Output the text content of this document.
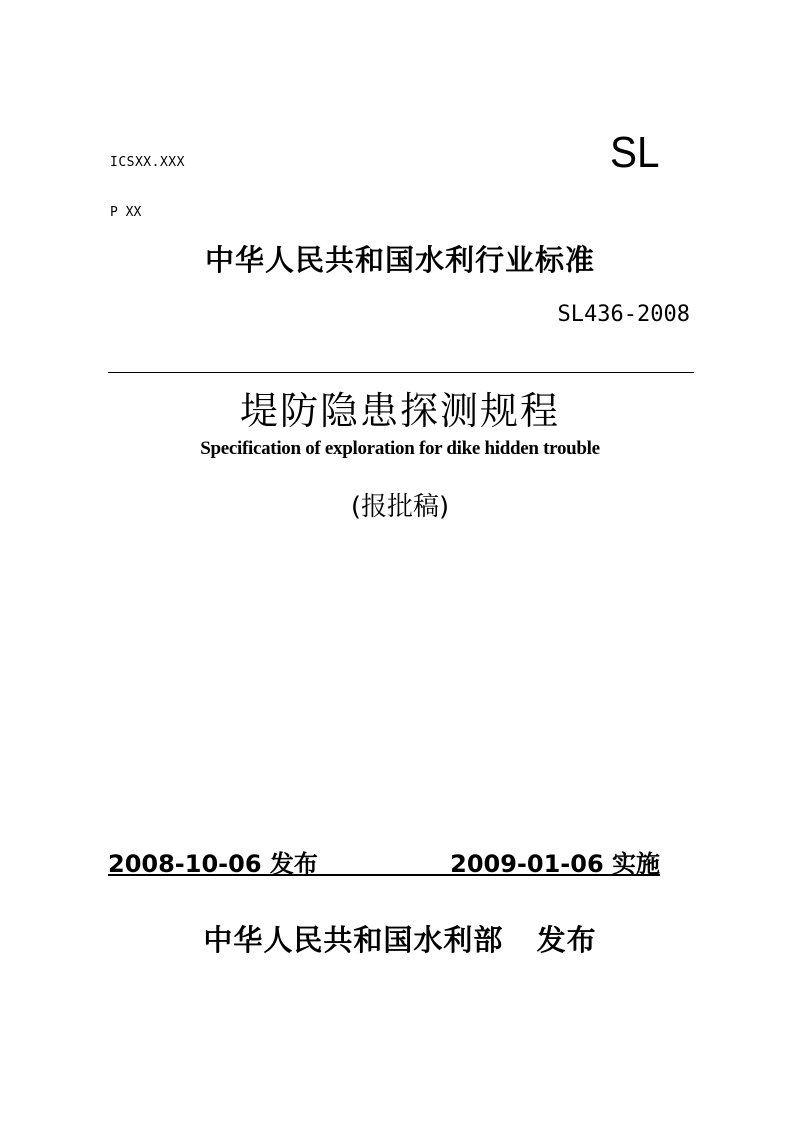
ICSXX.XXX	SL
P XX
中华人民共和国水利行业标准
SL436-2008
堤防隐患探测规程
Specification of exploration for dike hidden trouble
(报批稿)
2008-10-06 发布	2009-01-06 实施
中华人民共和国水利部   发布
